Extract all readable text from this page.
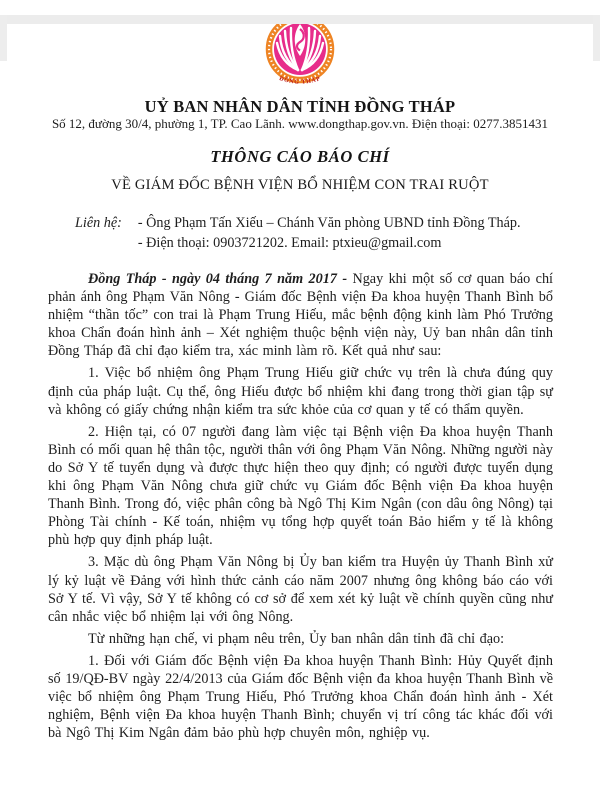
ĐỒNG THÁP
UỶ BAN NHÂN DÂN TỈNH ĐỒNG THÁP
Số 12, đường 30/4, phường 1, TP. Cao Lãnh. www.dongthap.gov.vn. Điện thoại: 0277.3851431
THÔNG CÁO BÁO CHÍ
VỀ GIÁM ĐỐC BỆNH VIỆN BỔ NHIỆM CON TRAI RUỘT
Liên hệ: - Ông Phạm Tấn Xiếu – Chánh Văn phòng UBND tỉnh Đồng Tháp.
- Điện thoại: 0903721202. Email: ptxieu@gmail.com

Đồng Tháp - ngày 04 tháng 7 năm 2017 - Ngay khi một số cơ quan báo chí phản ánh ông Phạm Văn Nông - Giám đốc Bệnh viện Đa khoa huyện Thanh Bình bổ nhiệm “thần tốc” con trai là Phạm Trung Hiếu, mắc bệnh động kinh làm Phó Trưởng khoa Chẩn đoán hình ảnh – Xét nghiệm thuộc bệnh viện này, Uỷ ban nhân dân tỉnh Đồng Tháp đã chỉ đạo kiểm tra, xác minh làm rõ. Kết quả như sau:

1. Việc bổ nhiệm ông Phạm Trung Hiếu giữ chức vụ trên là chưa đúng quy định của pháp luật. Cụ thể, ông Hiếu được bổ nhiệm khi đang trong thời gian tập sự và không có giấy chứng nhận kiểm tra sức khỏe của cơ quan y tế có thẩm quyền.

2. Hiện tại, có 07 người đang làm việc tại Bệnh viện Đa khoa huyện Thanh Bình có mối quan hệ thân tộc, người thân với ông Phạm Văn Nông. Những người này do Sở Y tế tuyển dụng và được thực hiện theo quy định; có người được tuyển dụng khi ông Phạm Văn Nông chưa giữ chức vụ Giám đốc Bệnh viện Đa khoa huyện Thanh Bình. Trong đó, việc phân công bà Ngô Thị Kim Ngân (con dâu ông Nông) tại Phòng Tài chính - Kế toán, nhiệm vụ tổng hợp quyết toán Bảo hiểm y tế là không phù hợp quy định pháp luật.

3. Mặc dù ông Phạm Văn Nông bị Ủy ban kiểm tra Huyện ủy Thanh Bình xử lý kỷ luật về Đảng với hình thức cảnh cáo năm 2007 nhưng ông không báo cáo với Sở Y tế. Vì vậy, Sở Y tế không có cơ sở để xem xét kỷ luật về chính quyền cũng như cân nhắc việc bổ nhiệm lại với ông Nông.

Từ những hạn chế, vi phạm nêu trên, Ủy ban nhân dân tỉnh đã chỉ đạo:

1. Đối với Giám đốc Bệnh viện Đa khoa huyện Thanh Bình: Hủy Quyết định số 19/QĐ-BV ngày 22/4/2013 của Giám đốc Bệnh viện đa khoa huyện Thanh Bình về việc bổ nhiệm ông Phạm Trung Hiếu, Phó Trưởng khoa Chẩn đoán hình ảnh - Xét nghiệm, Bệnh viện Đa khoa huyện Thanh Bình; chuyển vị trí công tác khác đối với bà Ngô Thị Kim Ngân đảm bảo phù hợp chuyên môn, nghiệp vụ.
